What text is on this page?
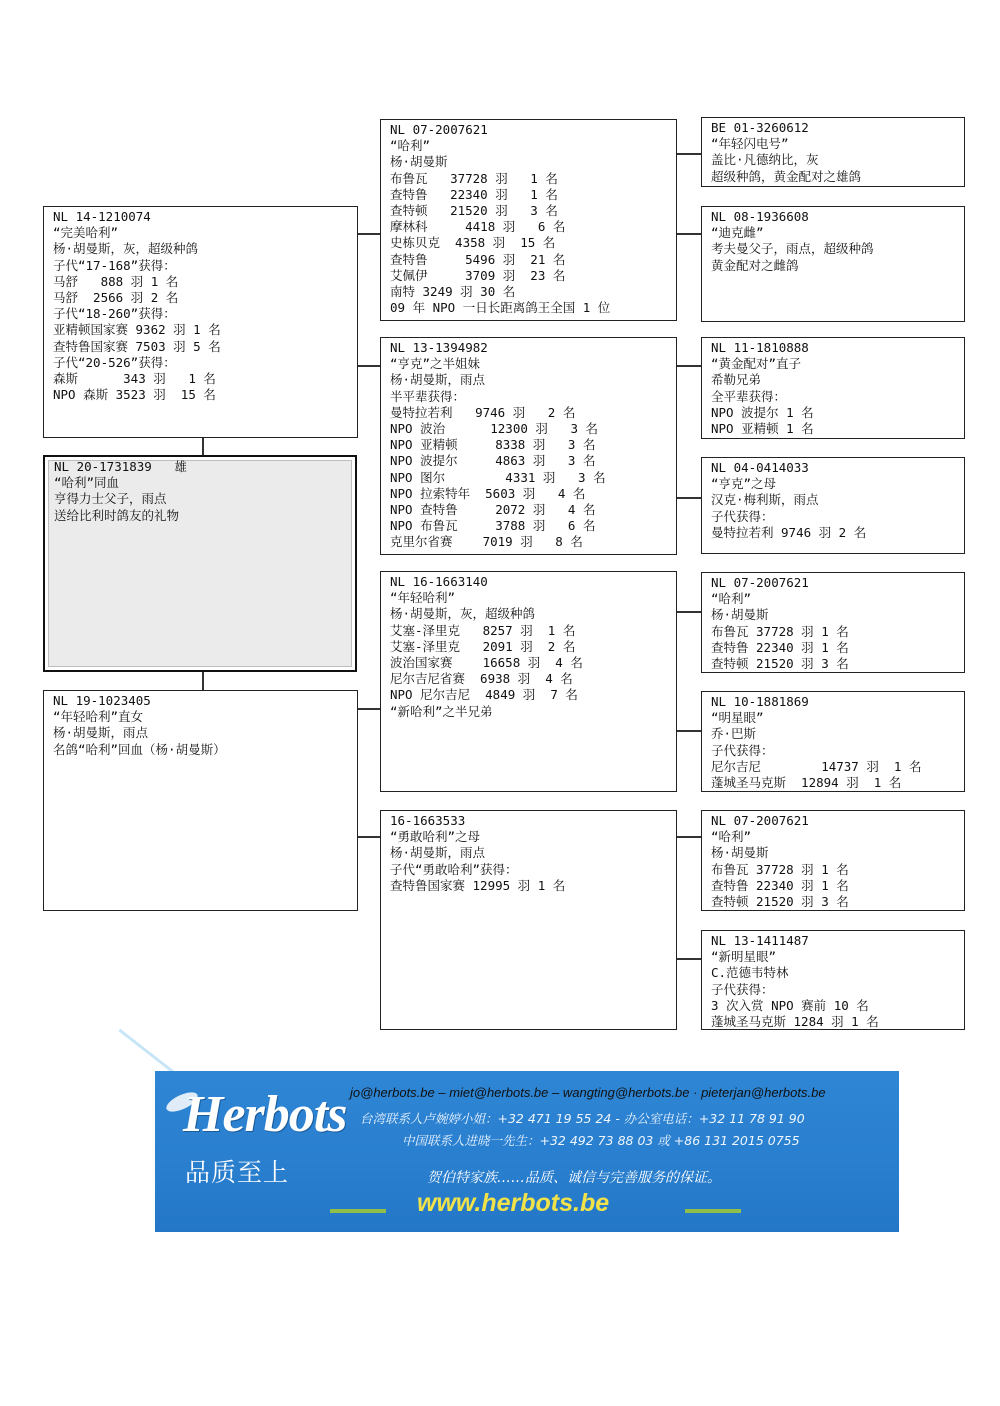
NL 14-1210074
“完美哈利”
杨·胡曼斯，灰，超级种鸽
子代“17-168”获得：
马舒   888 羽 1 名
马舒  2566 羽 2 名
子代“18-260”获得：
亚精顿国家赛 9362 羽 1 名
查特鲁国家赛 7503 羽 5 名
子代“20-526”获得：
森斯      343 羽   1 名
NPO 森斯 3523 羽  15 名
NL 20-1731839   雄
“哈利”同血
亨得力士父子，雨点
送给比利时鸽友的礼物
NL 19-1023405
“年轻哈利”直女
杨·胡曼斯，雨点
名鸽“哈利”回血（杨·胡曼斯）
NL 07-2007621
“哈利”
杨·胡曼斯
布鲁瓦   37728 羽   1 名
查特鲁   22340 羽   1 名
查特顿   21520 羽   3 名
摩林科     4418 羽   6 名
史栋贝克  4358 羽  15 名
查特鲁     5496 羽  21 名
艾佩伊     3709 羽  23 名
南特 3249 羽 30 名
09 年 NPO 一日长距离鸽王全国 1 位
NL 13-1394982
“亨克”之半姐妹
杨·胡曼斯，雨点
半平辈获得：
曼特拉若利   9746 羽   2 名
NPO 波治      12300 羽   3 名
NPO 亚精顿     8338 羽   3 名
NPO 波提尔     4863 羽   3 名
NPO 图尔        4331 羽   3 名
NPO 拉索特年  5603 羽   4 名
NPO 查特鲁     2072 羽   4 名
NPO 布鲁瓦     3788 羽   6 名
克里尔省赛    7019 羽   8 名
NL 16-1663140
“年轻哈利”
杨·胡曼斯，灰，超级种鸽
艾塞-泽里克   8257 羽  1 名
艾塞-泽里克   2091 羽  2 名
波治国家赛    16658 羽  4 名
尼尔吉尼省赛  6938 羽  4 名
NPO 尼尔吉尼  4849 羽  7 名
“新哈利”之半兄弟
16-1663533
“勇敢哈利”之母
杨·胡曼斯，雨点
子代“勇敢哈利”获得：
查特鲁国家赛 12995 羽 1 名
BE 01-3260612
“年轻闪电号”
盖比·凡德纳比，灰
超级种鸽，黄金配对之雄鸽
NL 08-1936608
“迪克雌”
考夫曼父子，雨点，超级种鸽
黄金配对之雌鸽
NL 11-1810888
“黄金配对”直子
希勒兄弟
全平辈获得：
NPO 波提尔 1 名
NPO 亚精顿 1 名
NL 04-0414033
“亨克”之母
汉克·梅利斯，雨点
子代获得：
曼特拉若利 9746 羽 2 名
NL 07-2007621
“哈利”
杨·胡曼斯
布鲁瓦 37728 羽 1 名
查特鲁 22340 羽 1 名
查特顿 21520 羽 3 名
NL 10-1881869
“明星眼”
乔·巴斯
子代获得：
尼尔吉尼        14737 羽  1 名
蓬城圣马克斯  12894 羽  1 名
NL 07-2007621
“哈利”
杨·胡曼斯
布鲁瓦 37728 羽 1 名
查特鲁 22340 羽 1 名
查特顿 21520 羽 3 名
NL 13-1411487
“新明星眼”
C.范德韦特林
子代获得：
3 次入赏 NPO 赛前 10 名
蓬城圣马克斯 1284 羽 1 名
Herbots
品质至上
jo@herbots.be – miet@herbots.be – wangting@herbots.be · pieterjan@herbots.be
台湾联系人卢婉婷小姐：+32 471 19 55 24 - 办公室电话：+32 11 78 91 90
中国联系人进晓一先生：+32 492 73 88 03 或 +86 131 2015 0755
贺伯特家族……品质、诚信与完善服务的保证。
www.herbots.be
